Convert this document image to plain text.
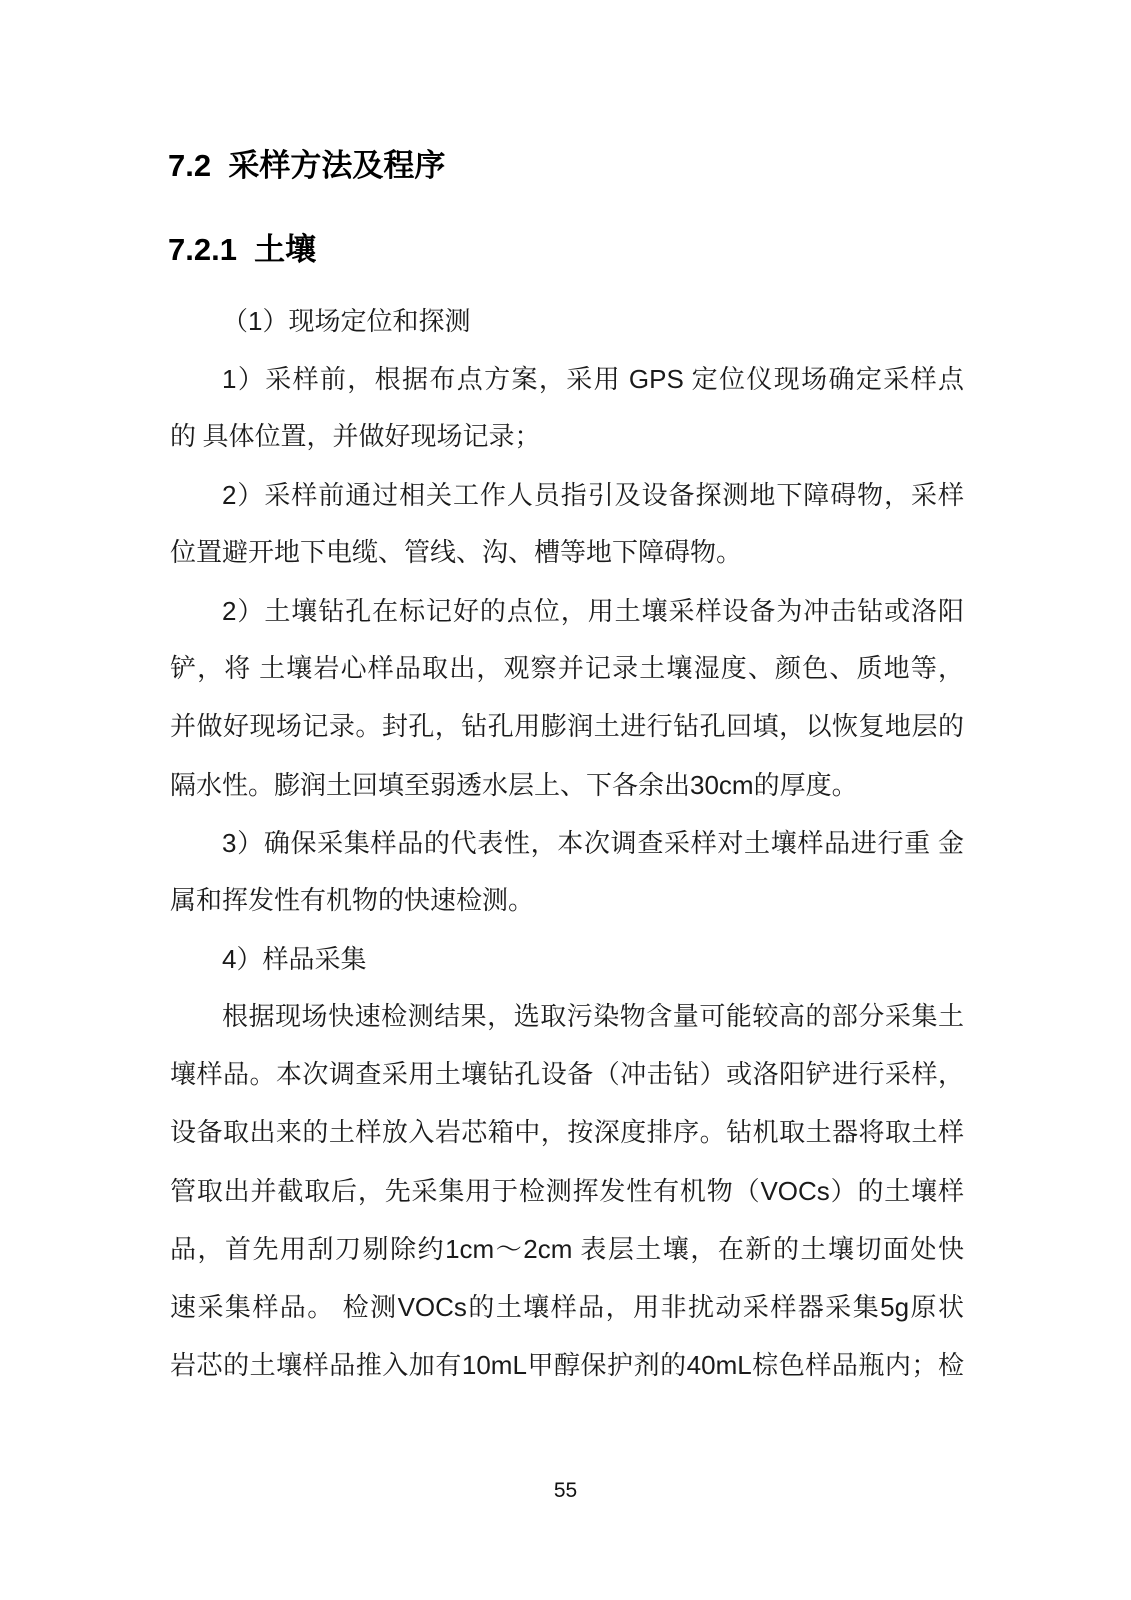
7.2  采样方法及程序
7.2.1  土壤
（1）现场定位和探测
1）采样前，根据布点方案，采用 GPS 定位仪现场确定采样点
的 具体位置，并做好现场记录；
2）采样前通过相关工作人员指引及设备探测地下障碍物，采样
位置避开地下电缆、管线、沟、槽等地下障碍物。
2）土壤钻孔在标记好的点位，用土壤采样设备为冲击钻或洛阳
铲，将 土壤岩心样品取出，观察并记录土壤湿度、颜色、质地等，
并做好现场记录。封孔，钻孔用膨润土进行钻孔回填，以恢复地层的
隔水性。膨润土回填至弱透水层上、下各余出30cm的厚度。
3）确保采集样品的代表性，本次调查采样对土壤样品进行重 金
属和挥发性有机物的快速检测。
4）样品采集
根据现场快速检测结果，选取污染物含量可能较高的部分采集土
壤样品。本次调查采用土壤钻孔设备（冲击钻）或洛阳铲进行采样，
设备取出来的土样放入岩芯箱中，按深度排序。钻机取土器将取土样
管取出并截取后，先采集用于检测挥发性有机物（VOCs）的土壤样
品，首先用刮刀剔除约1cm～2cm 表层土壤，在新的土壤切面处快
速采集样品。 检测VOCs的土壤样品，用非扰动采样器采集5g原状
岩芯的土壤样品推入加有10mL甲醇保护剂的40mL棕色样品瓶内；检
55
